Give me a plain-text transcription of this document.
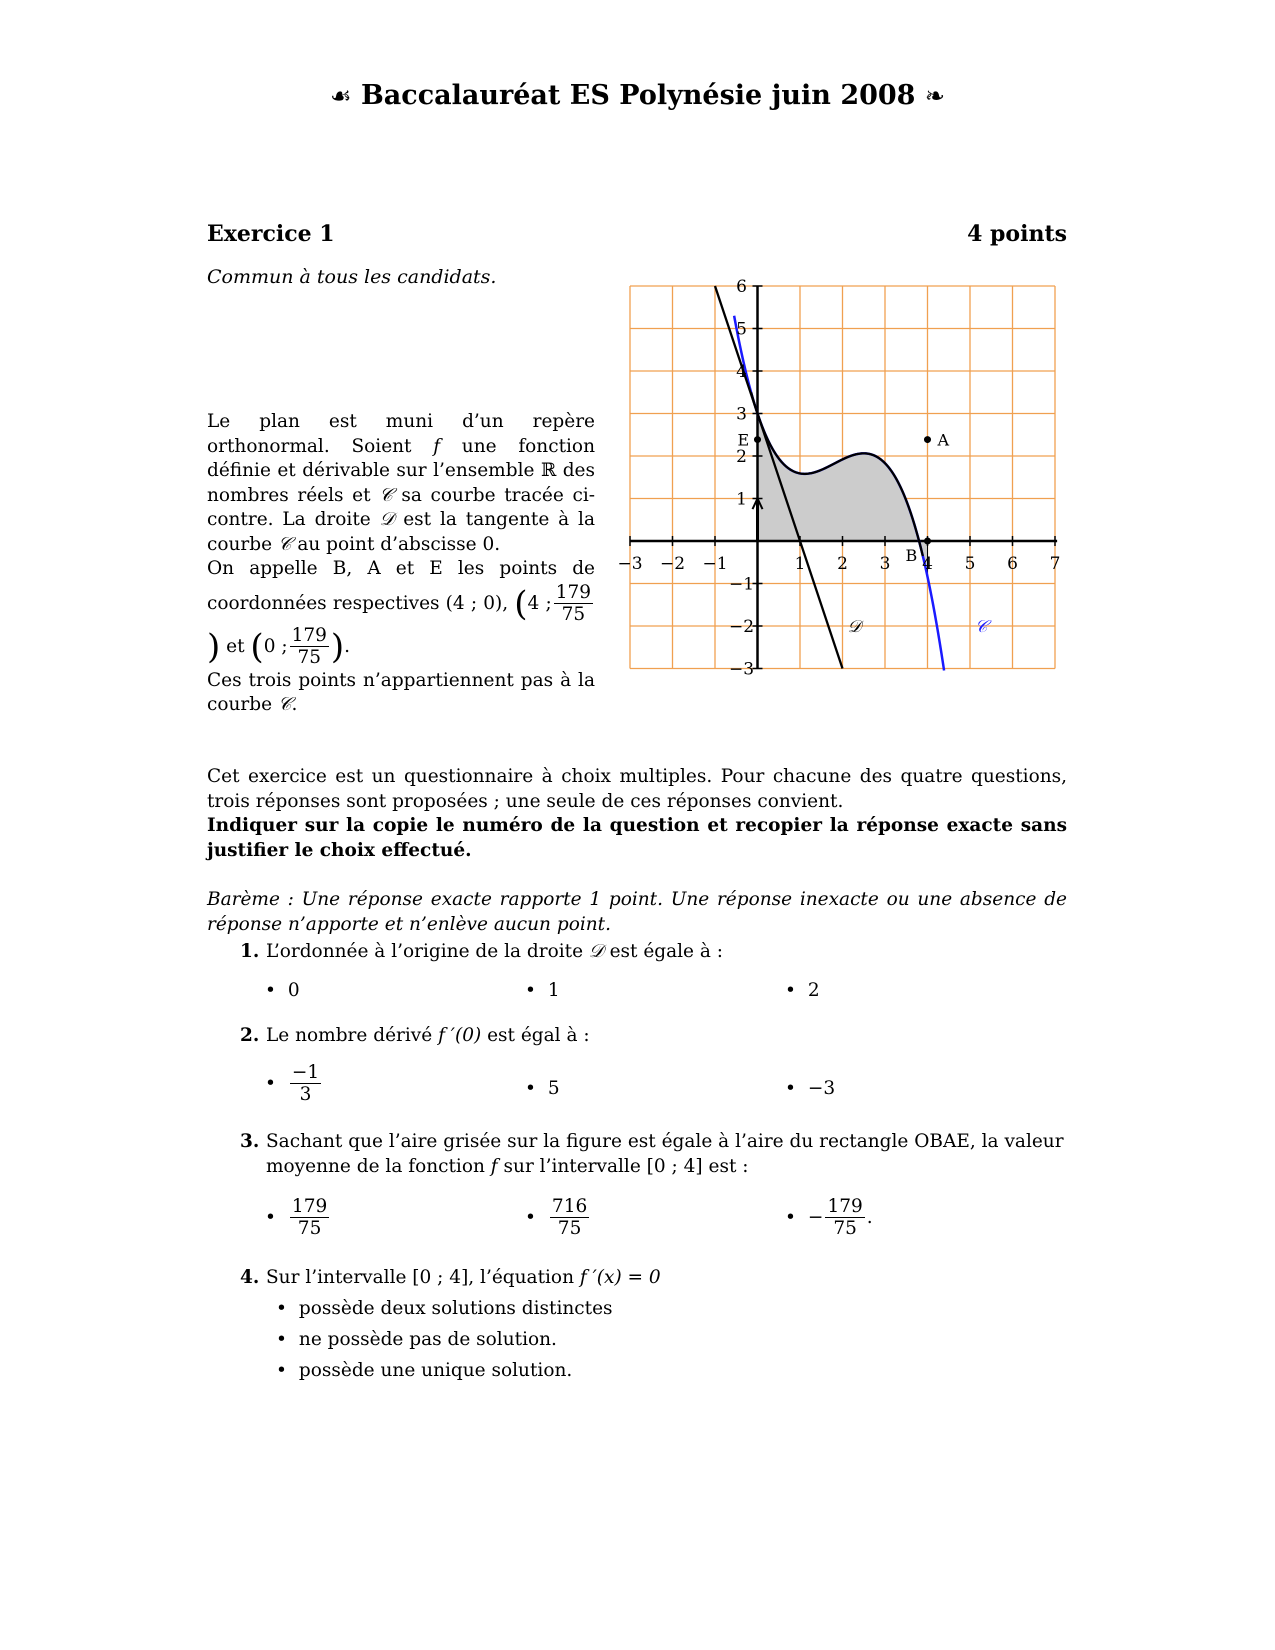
☙ Baccalauréat ES Polynésie juin 2008 ❧
Exercice 1	4 points
Commun à tous les candidats.

Le plan est muni d’un repère orthonormal. Soient f une fonction définie et dérivable sur l’ensemble ℝ des nombres réels et 𝒞 sa courbe tracée ci-contre. La droite 𝒟 est la tangente à la courbe 𝒞 au point d’abscisse 0.

On appelle B, A et E les points de coordonnées respectives (4 ; 0), (4 ; $\frac{179}{75}$
) et (0 ; $\frac{179}{75}$ ).

Ces trois points n’appartiennent pas à la courbe 𝒞.

−3 −2 −1	1 2 3 4 5 6 7
6
5
4
3
2
1
−1
−2
−3
E	A
B
𝒞
𝒟

Cet exercice est un questionnaire à choix multiples. Pour chacune des quatre questions, trois réponses sont proposées ; une seule de ces réponses convient.

Indiquer sur la copie le numéro de la question et recopier la réponse exacte sans justifier le choix effectué.

Barème : Une réponse exacte rapporte 1 point. Une réponse inexacte ou une absence de réponse n’apporte et n’enlève aucun point.
1. L’ordonnée à l’origine de la droite 𝒟 est égale à :
• 0	• 1	• 2
2. Le nombre dérivé f ′(0) est égal à :
• $\frac{-1}{3}$	• 5	• −3
3. Sachant que l’aire grisée sur la figure est égale à l’aire du rectangle OBAE, la valeur moyenne de la fonction f sur l’intervalle [0 ; 4] est :
• $\frac{179}{75}$	• $\frac{716}{75}$	• − $\frac{179}{75}$ .
4. Sur l’intervalle [0 ; 4], l’équation f ′(x) = 0
• possède deux solutions distinctes
• ne possède pas de solution.
• possède une unique solution.
